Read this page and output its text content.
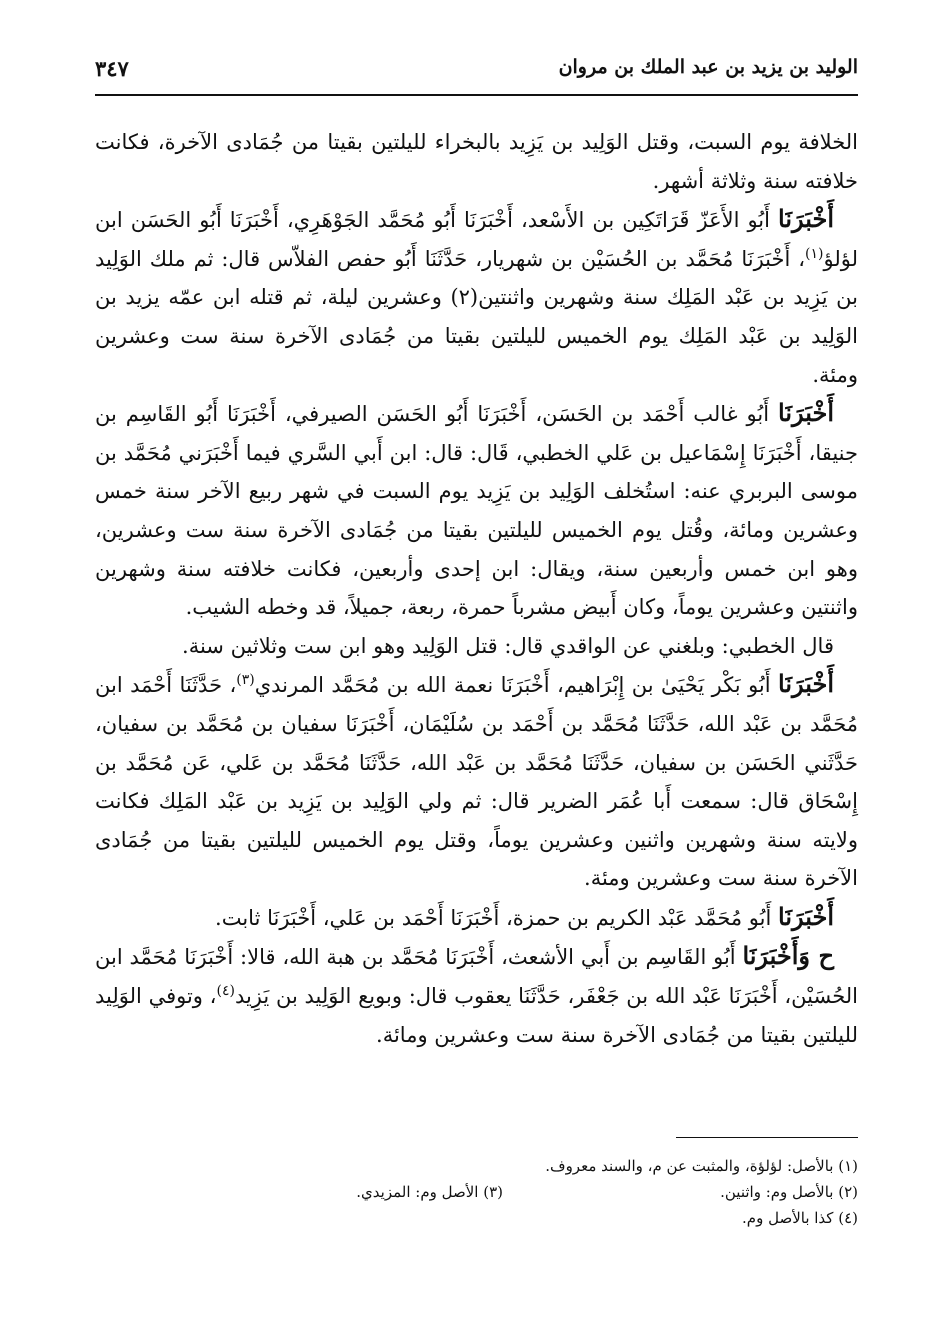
الوليد بن يزيد بن عبد الملك بن مروان
٣٤٧

الخلافة يوم السبت، وقتل الوَلِيد بن يَزِيد بالبخراء لليلتين بقيتا من جُمَادى الآخرة، فكانت خلافته سنة وثلاثة أشهر.

أَخْبَرَنَا أَبُو الأَعَزّ قَرَاتَكِين بن الأَسْعد، أَخْبَرَنَا أَبُو مُحَمَّد الجَوْهَرِي، أَخْبَرَنَا أَبُو الحَسَن ابن لؤلؤ$^{(١)}$، أَخْبَرَنَا مُحَمَّد بن الحُسَيْن بن شهريار، حَدَّثَنَا أَبُو حفص الفلاّس قال: ثم ملك الوَلِيد بن يَزِيد بن عَبْد المَلِك سنة وشهرين واثنتين(٢) وعشرين ليلة، ثم قتله ابن عمّه يزيد بن الوَلِيد بن عَبْد المَلِك يوم الخميس لليلتين بقيتا من جُمَادى الآخرة سنة ست وعشرين ومئة.

أَخْبَرَنَا أَبُو غالب أَحْمَد بن الحَسَن، أَخْبَرَنَا أَبُو الحَسَن الصيرفي، أَخْبَرَنَا أَبُو القَاسِم بن جنيقا، أَخْبَرَنَا إِسْمَاعيل بن عَلي الخطبي، قَال: قال: ابن أَبي السَّري فيما أَخْبَرَني مُحَمَّد بن موسى البربري عنه: استُخلف الوَلِيد بن يَزِيد يوم السبت في شهر ربيع الآخر سنة خمس وعشرين ومائة، وقُتل يوم الخميس لليلتين بقيتا من جُمَادى الآخرة سنة ست وعشرين، وهو ابن خمس وأربعين سنة، ويقال: ابن إحدى وأربعين، فكانت خلافته سنة وشهرين واثنتين وعشرين يوماً، وكان أَبيض مشرباً حمرة، ربعة، جميلاً، قد وخطه الشيب.

قال الخطبي: وبلغني عن الواقدي قال: قتل الوَلِيد وهو ابن ست وثلاثين سنة.

أَخْبَرَنَا أَبُو بَكْر يَحْيَىٰ بن إِبْرَاهيم، أَخْبَرَنَا نعمة الله بن مُحَمَّد المرندي$^{(٣)}$، حَدَّثَنَا أَحْمَد ابن مُحَمَّد بن عَبْد الله، حَدَّثَنَا مُحَمَّد بن أَحْمَد بن سُلَيْمَان، أَخْبَرَنَا سفيان بن مُحَمَّد بن سفيان، حَدَّثَني الحَسَن بن سفيان، حَدَّثَنَا مُحَمَّد بن عَبْد الله، حَدَّثَنَا مُحَمَّد بن عَلي، عَن مُحَمَّد بن إِسْحَاق قال: سمعت أَبا عُمَر الضرير قال: ثم ولي الوَلِيد بن يَزِيد بن عَبْد المَلِك فكانت ولايته سنة وشهرين واثنين وعشرين يوماً، وقتل يوم الخميس لليلتين بقيتا من جُمَادى الآخرة سنة ست وعشرين ومئة.

أَخْبَرَنَا أَبُو مُحَمَّد عَبْد الكريم بن حمزة، أَخْبَرَنَا أَحْمَد بن عَلي، أَخْبَرَنَا ثابت.

ح وَأَخْبَرَنَا أَبُو القَاسِم بن أَبي الأشعث، أَخْبَرَنَا مُحَمَّد بن هبة الله، قالا: أَخْبَرَنَا مُحَمَّد ابن الحُسَيْن، أَخْبَرَنَا عَبْد الله بن جَعْفَر، حَدَّثَنَا يعقوب قال: وبويع الوَلِيد بن يَزِيد$^{(٤)}$، وتوفي الوَلِيد لليلتين بقيتا من جُمَادى الآخرة سنة ست وعشرين ومائة.

(١) بالأصل: لؤلؤة، والمثبت عن م، والسند معروف.
(٢) بالأصل وم: واثنين.
(٣) الأصل وم: المزيدي.
(٤) كذا بالأصل وم.
